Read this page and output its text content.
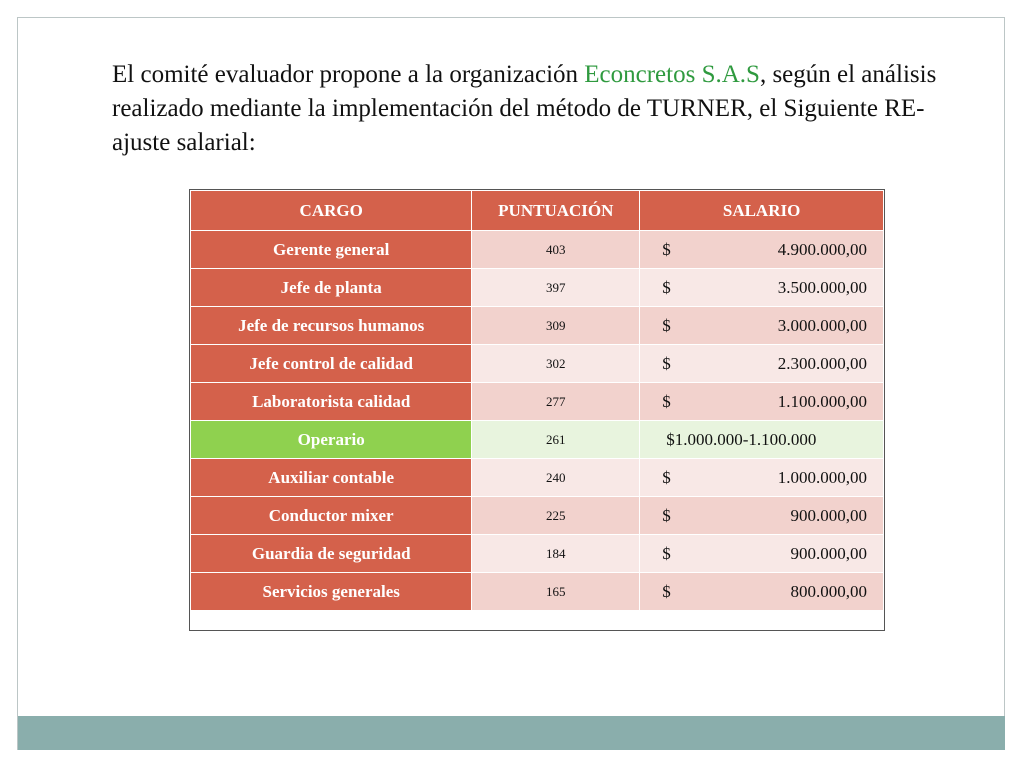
El comité evaluador propone a la organización Econcretos S.A.S, según el análisis realizado mediante la implementación del método de TURNER, el Siguiente RE- ajuste salarial:

CARGO	PUNTUACIÓN	SALARIO
Gerente general	403	$ 4.900.000,00

Jefe de planta	397	$ 3.500.000,00

Jefe de recursos humanos	309	$ 3.000.000,00

Jefe control de calidad	302	$ 2.300.000,00

Laboratorista calidad	277	$ 1.100.000,00

Operario	261	$1.000.000-1.100.000

Auxiliar contable	240	$ 1.000.000,00

Conductor mixer	225	$ 900.000,00

Guardia de seguridad	184	$ 900.000,00

Servicios generales	165	$ 800.000,00
